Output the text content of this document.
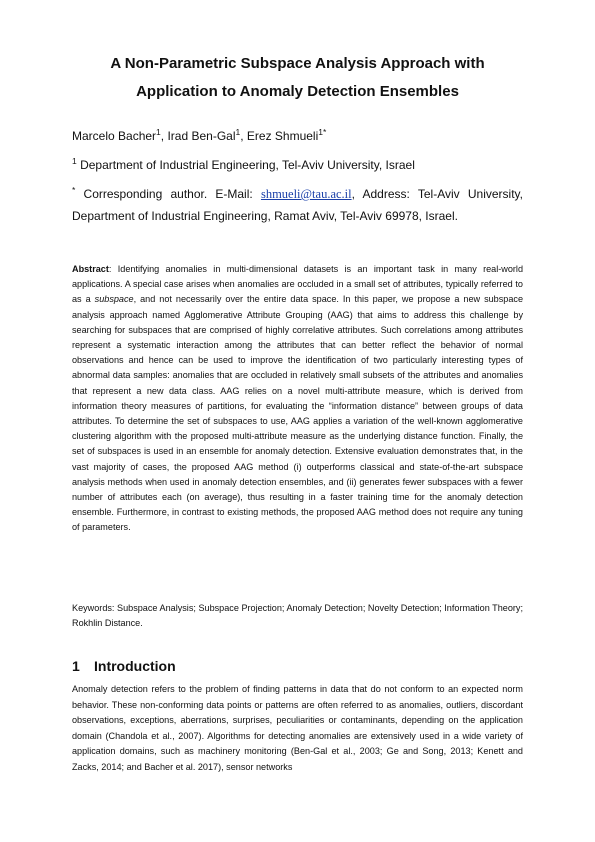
A Non-Parametric Subspace Analysis Approach with
Application to Anomaly Detection Ensembles
Marcelo Bacher$^1$, Irad Ben-Gal$^1$, Erez Shmueli$^{1*}$
$^1$ Department of Industrial Engineering, Tel-Aviv University, Israel
* Corresponding author. E-Mail: shmueli@tau.ac.il, Address: Tel-Aviv University,
Department of Industrial Engineering, Ramat Aviv, Tel-Aviv 69978, Israel.
Abstract: Identifying anomalies in multi-dimensional datasets is an important task in many real-world applications. A special case arises when anomalies are occluded in a small set of attributes, typically referred to as a subspace, and not necessarily over the entire data space. In this paper, we propose a new subspace analysis approach named Agglomerative Attribute Grouping (AAG) that aims to address this challenge by searching for subspaces that are comprised of highly correlative attributes. Such correlations among attributes represent a systematic interaction among the attributes that can better reflect the behavior of normal observations and hence can be used to improve the identification of two particularly interesting types of abnormal data samples: anomalies that are occluded in relatively small subsets of the attributes and anomalies that represent a new data class. AAG relies on a novel multi-attribute measure, which is derived from information theory measures of partitions, for evaluating the “information distance” between groups of data attributes. To determine the set of subspaces to use, AAG applies a variation of the well-known agglomerative clustering algorithm with the proposed multi-attribute measure as the underlying distance function. Finally, the set of subspaces is used in an ensemble for anomaly detection. Extensive evaluation demonstrates that, in the vast majority of cases, the proposed AAG method (i) outperforms classical and state-of-the-art subspace analysis methods when used in anomaly detection ensembles, and (ii) generates fewer subspaces with a fewer number of attributes each (on average), thus resulting in a faster training time for the anomaly detection ensemble. Furthermore, in contrast to existing methods, the proposed AAG method does not require any tuning of parameters.
Keywords: Subspace Analysis; Subspace Projection; Anomaly Detection; Novelty Detection; Information Theory; Rokhlin Distance.
1 Introduction
Anomaly detection refers to the problem of finding patterns in data that do not conform to an expected norm behavior. These non-conforming data points or patterns are often referred to as anomalies, outliers, discordant observations, exceptions, aberrations, surprises, peculiarities or contaminants, depending on the application domain (Chandola et al., 2007). Algorithms for detecting anomalies are extensively used in a wide variety of application domains, such as machinery monitoring (Ben-Gal et al., 2003; Ge and Song, 2013; Kenett and Zacks, 2014; and Bacher et al. 2017), sensor networks
